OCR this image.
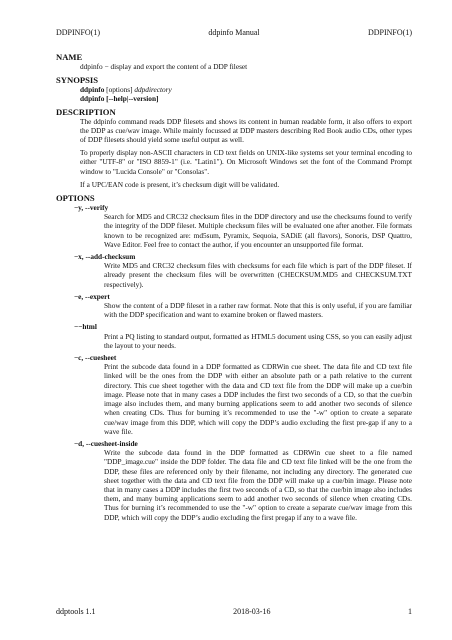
DDPINFO(1)	ddpinfo Manual	DDPINFO(1)

NAME

ddpinfo − display and export the content of a DDP fileset

SYNOPSIS

ddpinfo [options] ddpdirectory

ddpinfo [--help|--version]

DESCRIPTION

The ddpinfo command reads DDP filesets and shows its content in human readable form, it also offers to export the DDP as cue/wav image. While mainly focussed at DDP masters describing Red Book audio CDs, other types of DDP filesets should yield some useful output as well.

To properly display non-ASCII characters in CD text fields on UNIX-like systems set your terminal encoding to either "UTF-8" or "ISO 8859-1" (i.e. "Latin1"). On Microsoft Windows set the font of the Command Prompt window to "Lucida Console" or "Consolas".

If a UPC/EAN code is present, it’s checksum digit will be validated.

OPTIONS

−y, --verify

Search for MD5 and CRC32 checksum files in the DDP directory and use the checksums found to verify the integrity of the DDP fileset. Multiple checksum files will be evaluated one after another. File formats known to be recognized are: md5sum, Pyramix, Sequoia, SADiE (all flavors), Sonoris, DSP Quattro, Wave Editor. Feel free to contact the author, if you encounter an unsupported file format.

−x, --add-checksum

Write MD5 and CRC32 checksum files with checksums for each file which is part of the DDP fileset. If already present the checksum files will be overwritten (CHECKSUM.MD5 and CHECKSUM.TXT respectively).

−e, --expert

Show the content of a DDP fileset in a rather raw format. Note that this is only useful, if you are familiar with the DDP specification and want to examine broken or flawed masters.

−−html

Print a PQ listing to standard output, formatted as HTML5 document using CSS, so you can easily adjust the layout to your needs.

−c, --cuesheet

Print the subcode data found in a DDP formatted as CDRWin cue sheet. The data file and CD text file linked will be the ones from the DDP with either an absolute path or a path relative to the current directory. This cue sheet together with the data and CD text file from the DDP will make up a cue/bin image. Please note that in many cases a DDP includes the first two seconds of a CD, so that the cue/bin image also includes them, and many burning applications seem to add another two seconds of silence when creating CDs. Thus for burning it’s recommended to use the "-w" option to create a separate cue/wav image from this DDP, which will copy the DDP’s audio excluding the first pre-gap if any to a wave file.

−d, --cuesheet-inside

Write the subcode data found in the DDP formatted as CDRWin cue sheet to a file named "DDP_image.cue" inside the DDP folder. The data file and CD text file linked will be the one from the DDP, these files are referenced only by their filename, not including any directory. The generated cue sheet together with the data and CD text file from the DDP will make up a cue/bin image. Please note that in many cases a DDP includes the first two seconds of a CD, so that the cue/bin image also includes them, and many burning applications seem to add another two seconds of silence when creating CDs. Thus for burning it’s recommended to use the "-w" option to create a separate cue/wav image from this DDP, which will copy the DDP’s audio excluding the first pregap if any to a wave file.

ddptools 1.1	2018-03-16	1
